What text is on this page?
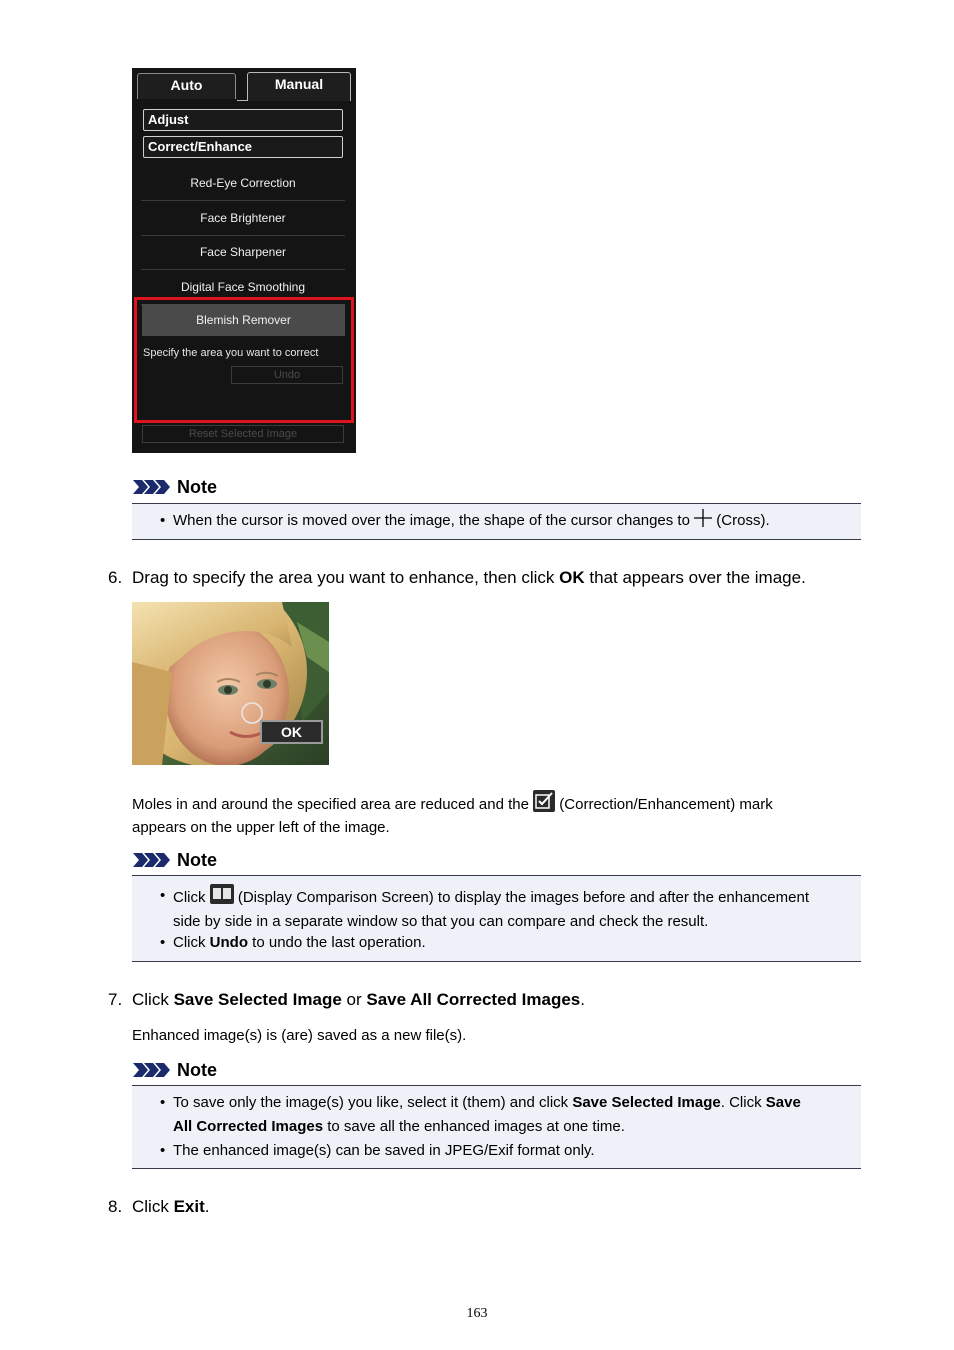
Auto	Manual
Adjust
Correct/Enhance
Red-Eye Correction
Face Brightener
Face Sharpener
Digital Face Smoothing
Blemish Remover
Specify the area you want to correct
Undo
Reset Selected Image
Note
• When the cursor is moved over the image, the shape of the cursor changes to (Cross).
6. Drag to specify the area you want to enhance, then click OK that appears over the image.
OK
Moles in and around the specified area are reduced and the (Correction/Enhancement) mark
appears on the upper left of the image.
Note
• Click (Display Comparison Screen) to display the images before and after the enhancement
side by side in a separate window so that you can compare and check the result.
• Click Undo to undo the last operation.
7. Click Save Selected Image or Save All Corrected Images.
Enhanced image(s) is (are) saved as a new file(s).
Note
• To save only the image(s) you like, select it (them) and click Save Selected Image. Click Save
All Corrected Images to save all the enhanced images at one time.
• The enhanced image(s) can be saved in JPEG/Exif format only.
8. Click Exit.
163
